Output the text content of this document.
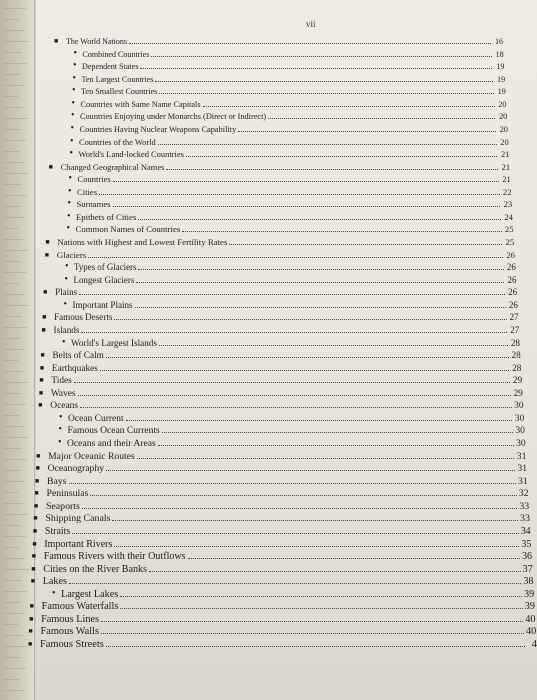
vii
■ The World Nations	16
• Combined Countries	18
• Dependent States	19
• Ten Largest Countries	19
• Ten Smallest Countries	19
• Countries with Same Name Capitals	20
• Countries Enjoying under Monarchs (Direct or Indirect)	20
• Countries Having Nuclear Weapons Capability	20
• Countries of the World	20
• World's Land-locked Countries	21
■ Changed Geographical Names	21
• Countries	21
• Cities	22
• Surnames	23
• Epithets of Cities	24
• Common Names of Countries	25
■ Nations with Highest and Lowest Fertility Rates	25
■ Glaciers	26
• Types of Glaciers	26
• Longest Glaciers	26
■ Plains	26
• Important Plains	26
■ Famous Deserts	27
■ Islands	27
• World's Largest Islands	28
■ Belts of Calm	28
■ Earthquakes	28
■ Tides	29
■ Waves	29
■ Oceans	30
• Ocean Current	30
• Famous Ocean Currents	30
• Oceans and their Areas	30
■ Major Oceanic Routes	31
■ Oceanography	31
■ Bays	31
■ Peninsulas	32
■ Seaports	33
■ Shipping Canals	33
■ Straits	34
■ Important Rivers	35
■ Famous Rivers with their Outflows	36
■ Cities on the River Banks	37
■ Lakes	38
• Largest Lakes	39
■ Famous Waterfalls	39
■ Famous Lines	40
■ Famous Walls	40
■ Famous Streets	4
